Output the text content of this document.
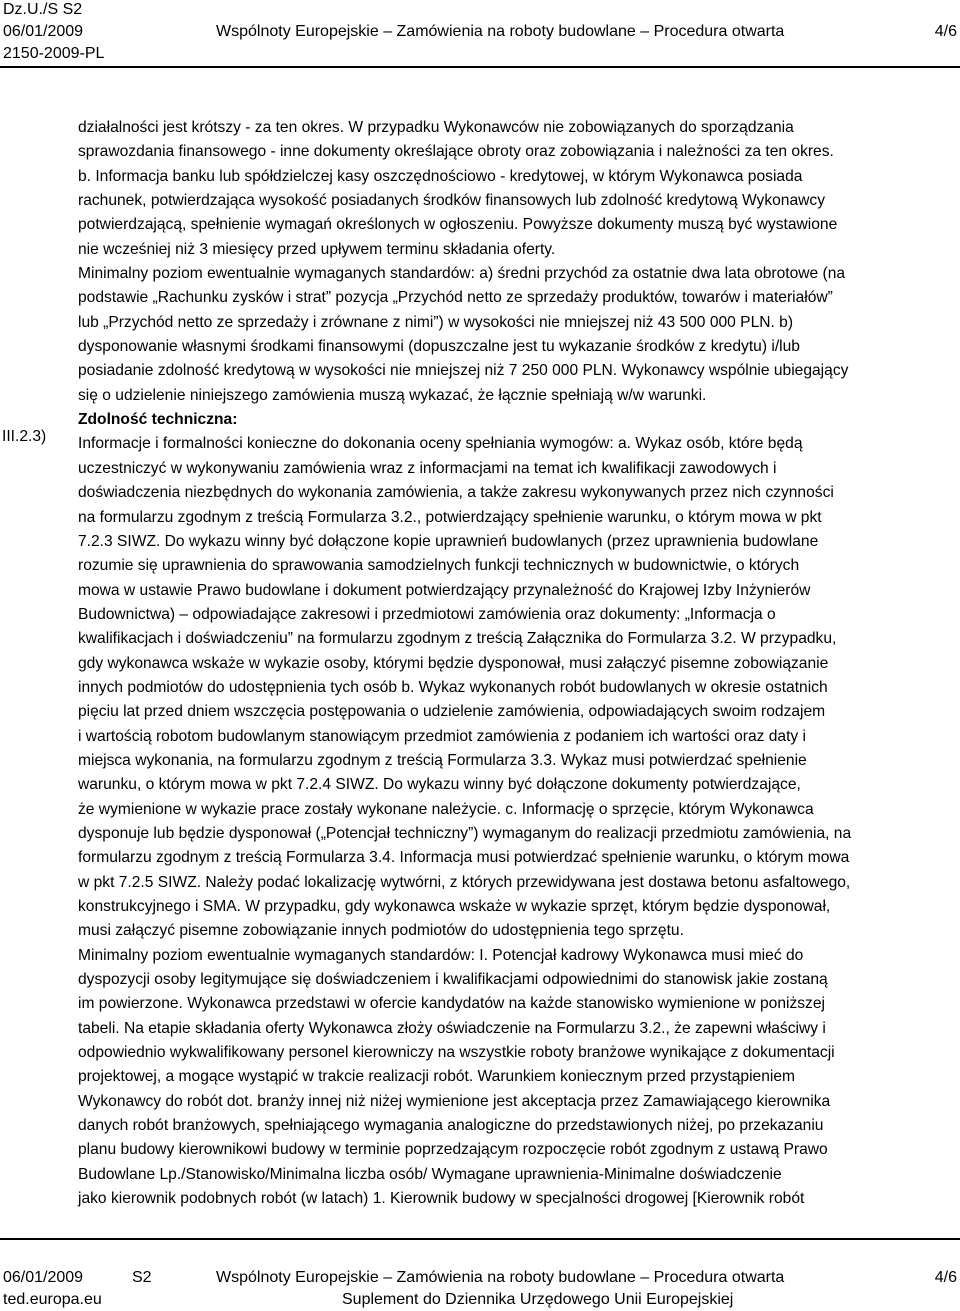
Dz.U./S S2
06/01/2009
2150-2009-PL
Wspólnoty Europejskie – Zamówienia na roboty budowlane – Procedura otwarta	4/6
III.2.3)

działalności jest krótszy - za ten okres. W przypadku Wykonawców nie zobowiązanych do sporządzania

sprawozdania finansowego - inne dokumenty określające obroty oraz zobowiązania i należności za ten okres.

b. Informacja banku lub spółdzielczej kasy oszczędnościowo - kredytowej, w którym Wykonawca posiada

rachunek, potwierdzająca wysokość posiadanych środków finansowych lub zdolność kredytową Wykonawcy

potwierdzającą, spełnienie wymagań określonych w ogłoszeniu. Powyższe dokumenty muszą być wystawione

nie wcześniej niż 3 miesięcy przed upływem terminu składania oferty.

Minimalny poziom ewentualnie wymaganych standardów: a) średni przychód za ostatnie dwa lata obrotowe (na

podstawie „Rachunku zysków i strat” pozycja „Przychód netto ze sprzedaży produktów, towarów i materiałów”

lub „Przychód netto ze sprzedaży i zrównane z nimi”) w wysokości nie mniejszej niż 43 500 000 PLN. b)

dysponowanie własnymi środkami finansowymi (dopuszczalne jest tu wykazanie środków z kredytu) i/lub

posiadanie zdolność kredytową w wysokości nie mniejszej niż 7 250 000 PLN. Wykonawcy wspólnie ubiegający

się o udzielenie niniejszego zamówienia muszą wykazać, że łącznie spełniają w/w warunki.

Zdolność techniczna:

Informacje i formalności konieczne do dokonania oceny spełniania wymogów: a. Wykaz osób, które będą

uczestniczyć w wykonywaniu zamówienia wraz z informacjami na temat ich kwalifikacji zawodowych i

doświadczenia niezbędnych do wykonania zamówienia, a także zakresu wykonywanych przez nich czynności

na formularzu zgodnym z treścią Formularza 3.2., potwierdzający spełnienie warunku, o którym mowa w pkt

7.2.3 SIWZ. Do wykazu winny być dołączone kopie uprawnień budowlanych (przez uprawnienia budowlane

rozumie się uprawnienia do sprawowania samodzielnych funkcji technicznych w budownictwie, o których

mowa w ustawie Prawo budowlane i dokument potwierdzający przynależność do Krajowej Izby Inżynierów

Budownictwa) – odpowiadające zakresowi i przedmiotowi zamówienia oraz dokumenty: „Informacja o

kwalifikacjach i doświadczeniu” na formularzu zgodnym z treścią Załącznika do Formularza 3.2. W przypadku,

gdy wykonawca wskaże w wykazie osoby, którymi będzie dysponował, musi załączyć pisemne zobowiązanie

innych podmiotów do udostępnienia tych osób b. Wykaz wykonanych robót budowlanych w okresie ostatnich

pięciu lat przed dniem wszczęcia postępowania o udzielenie zamówienia, odpowiadających swoim rodzajem

i wartością robotom budowlanym stanowiącym przedmiot zamówienia z podaniem ich wartości oraz daty i

miejsca wykonania, na formularzu zgodnym z treścią Formularza 3.3. Wykaz musi potwierdzać spełnienie

warunku, o którym mowa w pkt 7.2.4 SIWZ. Do wykazu winny być dołączone dokumenty potwierdzające,

że wymienione w wykazie prace zostały wykonane należycie. c. Informację o sprzęcie, którym Wykonawca

dysponuje lub będzie dysponował („Potencjał techniczny”) wymaganym do realizacji przedmiotu zamówienia, na

formularzu zgodnym z treścią Formularza 3.4. Informacja musi potwierdzać spełnienie warunku, o którym mowa

w pkt 7.2.5 SIWZ. Należy podać lokalizację wytwórni, z których przewidywana jest dostawa betonu asfaltowego,

konstrukcyjnego i SMA. W przypadku, gdy wykonawca wskaże w wykazie sprzęt, którym będzie dysponował,

musi załączyć pisemne zobowiązanie innych podmiotów do udostępnienia tego sprzętu.

Minimalny poziom ewentualnie wymaganych standardów: I. Potencjał kadrowy Wykonawca musi mieć do

dyspozycji osoby legitymujące się doświadczeniem i kwalifikacjami odpowiednimi do stanowisk jakie zostaną

im powierzone. Wykonawca przedstawi w ofercie kandydatów na każde stanowisko wymienione w poniższej

tabeli. Na etapie składania oferty Wykonawca złoży oświadczenie na Formularzu 3.2., że zapewni właściwy i

odpowiednio wykwalifikowany personel kierowniczy na wszystkie roboty branżowe wynikające z dokumentacji

projektowej, a mogące wystąpić w trakcie realizacji robót. Warunkiem koniecznym przed przystąpieniem

Wykonawcy do robót dot. branży innej niż niżej wymienione jest akceptacja przez Zamawiającego kierownika

danych robót branżowych, spełniającego wymagania analogiczne do przedstawionych niżej, po przekazaniu

planu budowy kierownikowi budowy w terminie poprzedzającym rozpoczęcie robót zgodnym z ustawą Prawo

Budowlane Lp./Stanowisko/Minimalna liczba osób/ Wymagane uprawnienia-Minimalne doświadczenie

jako kierownik podobnych robót (w latach) 1. Kierownik budowy w specjalności drogowej [Kierownik robót

06/01/2009	S2	Wspólnoty Europejskie – Zamówienia na roboty budowlane – Procedura otwarta	4/6
ted.europa.eu	Suplement do Dziennika Urzędowego Unii Europejskiej
